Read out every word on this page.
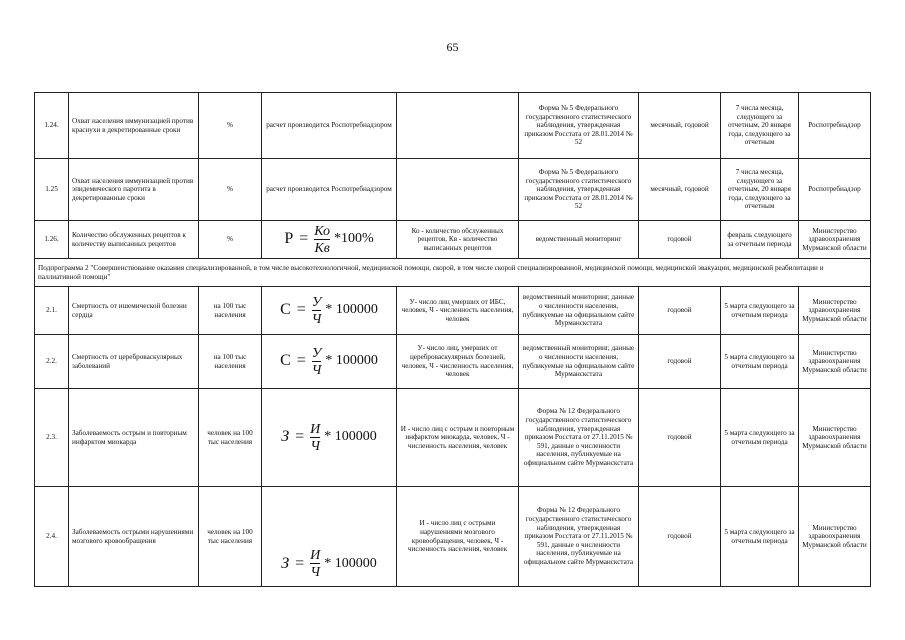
65
1.24.	Охват населения иммунизацией против краснухи в декретированные сроки	%	расчет производится Роспотребнадзором		Форма № 5 Федерального государственного статистического наблюдения, утвержденная приказом Росстата от 28.01.2014 № 52	месячный, годовой	7 числа месяца, следующего за отчетным, 20 января года, следующего за отчетным	Роспотребнадзор
1.25	Охват населения иммунизацией против эпидемического паротита в декретированные сроки	%	расчет производится Роспотребнадзором		Форма № 5 Федерального государственного статистического наблюдения, утвержденная приказом Росстата от 28.01.2014 № 52	месячный, годовой	7 числа месяца, следующего за отчетным, 20 января года, следующего за отчетным	Роспотребнадзор
1.26.	Количество обслуженных рецептов к количеству выписанных рецептов	%	$P = \frac{Ко}{Кв} *100\%$	Ко - количество обслуженных рецептов, Кв - количество выписанных рецептов	ведомственный мониторинг	годовой	февраль следующего за отчетным периода	Министерство здравоохранения Мурманской области
Подпрограмма 2 "Совершенствование оказания специализированной, в том числе высокотехнологичной, медицинской помощи, скорой, в том числе скорой специализированной, медицинской помощи, медицинской эвакуации, медицинской реабилитации и паллиативной помощи"								
2.1.	Смертность от ишемической болезни сердца	на 100 тыс населения	$С = \frac{У}{Ч} * 100000$	У- число лиц умерших от ИБС, человек, Ч - численность населения, человек	ведомственный мониторинг, данные о численности населения, публикуемые на официальном сайте Мурманскстата	годовой	5 марта следующего за отчетным периода	Министерство здравоохранения Мурманской области
2.2.	Смертность от цереброваскулярных заболеваний	на 100 тыс населения	$С = \frac{У}{Ч} * 100000$	У- число лиц, умерших от цереброваскулярных болезней, человек, Ч - численность населения, человек	ведомственный мониторинг, данные о численности населения, публикуемые на официальном сайте Мурманскстата	годовой	5 марта следующего за отчетным периода	Министерство здравоохранения Мурманской области
2.3.	Заболеваемость острым и повторным инфарктом миокарда	человек на 100 тыс населения	$З = \frac{И}{Ч} * 100000$	И - число лиц с острым и повторным инфарктом миокарда, человек, Ч - численность населения, человек	Форма № 12 Федерального государственного статистического наблюдения, утвержденная приказом Росстата от 27.11.2015 № 591, данные о численности населения, публикуемые на официальном сайте Мурманскстата	годовой	5 марта следующего за отчетным периода	Министерство здравоохранения Мурманской области
2.4.	Заболеваемость острыми нарушениями мозгового кровообращения	человек на 100 тыс населения	$З = \frac{И}{Ч} * 100000$	И - число лиц с острыми нарушениями мозгового кровообращения, человек, Ч - численность населения, человек	Форма № 12 Федерального государственного статистического наблюдения, утвержденная приказом Росстата от 27.11.2015 № 591, данные о численности населения, публикуемые на официальном сайте Мурманскстата	годовой	5 марта следующего за отчетным периода	Министерство здравоохранения Мурманской области
